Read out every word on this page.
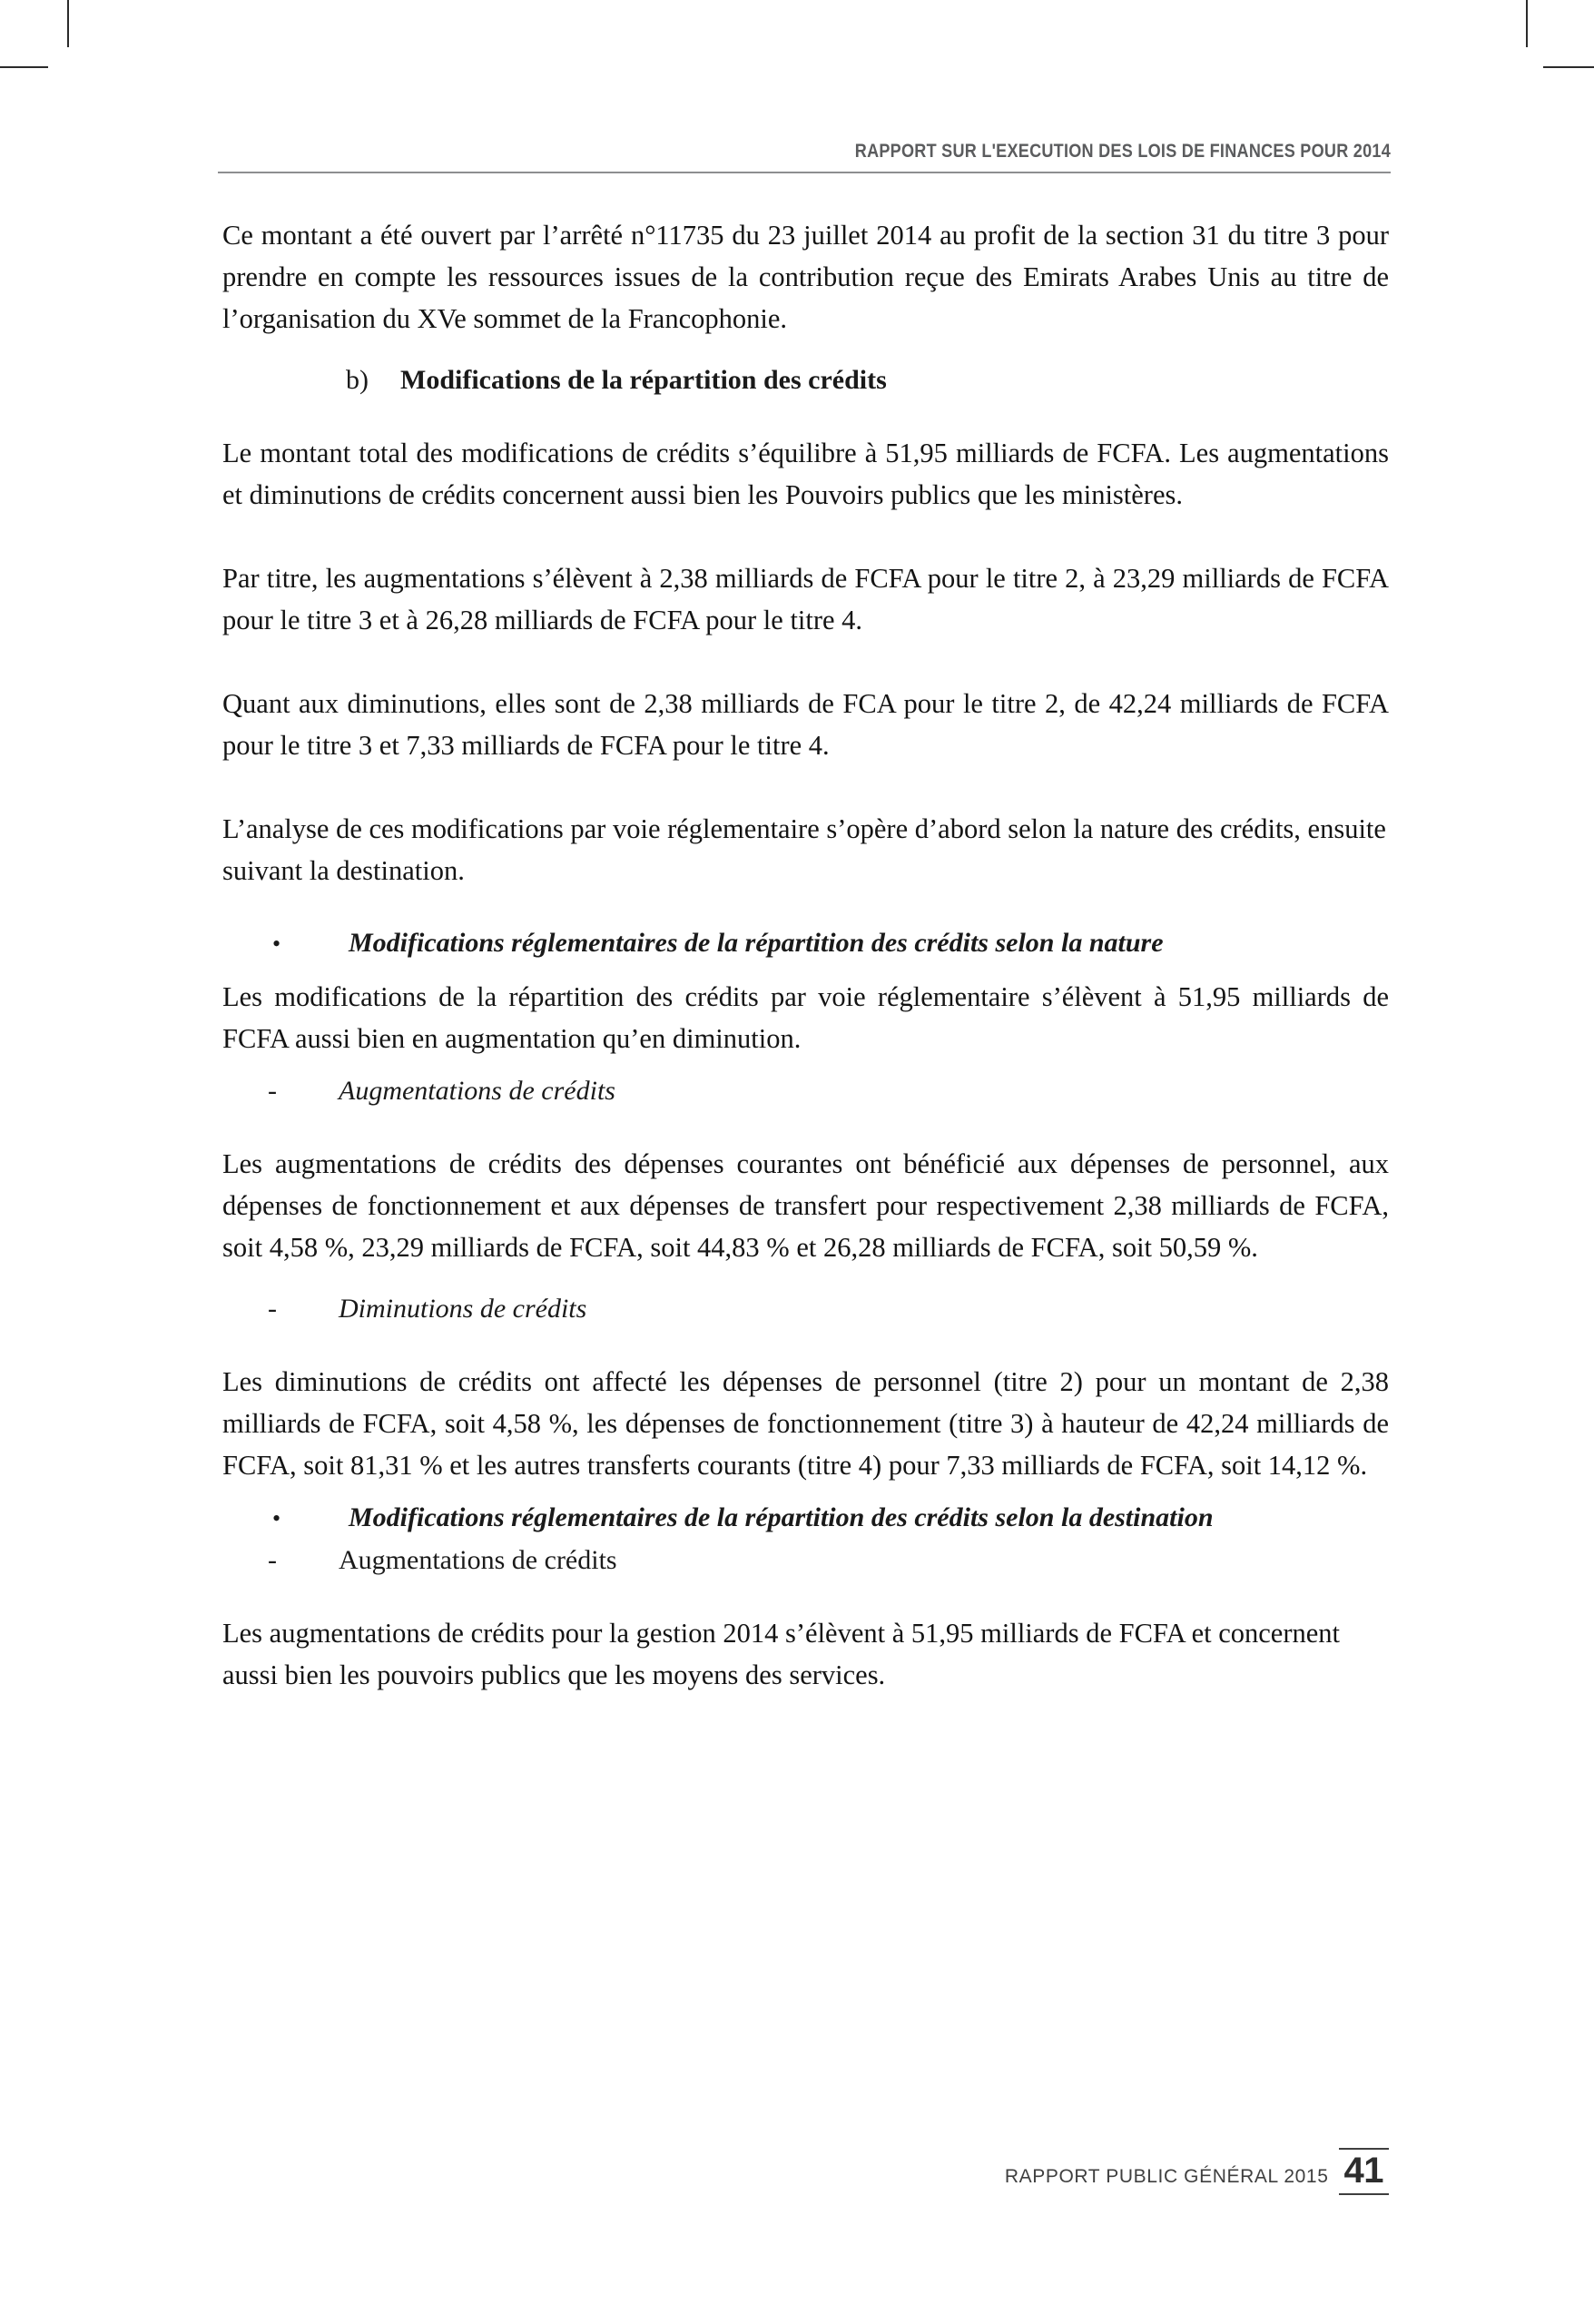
RAPPORT SUR L'EXECUTION DES LOIS DE FINANCES POUR 2014

Ce montant a été ouvert par l’arrêté n°11735 du 23 juillet 2014 au profit de la section 31 du titre 3 pour prendre en compte les ressources issues de la contribution reçue des Emirats Arabes Unis au titre de l’organisation du XVe sommet de la Francophonie.

b)	Modifications de la répartition des crédits

Le montant total des modifications de crédits s’équilibre à 51,95 milliards de FCFA. Les augmentations et diminutions de crédits concernent aussi bien les Pouvoirs publics que les ministères.

Par titre, les augmentations s’élèvent à 2,38 milliards de FCFA pour le titre 2, à 23,29 milliards de FCFA pour le titre 3 et à 26,28 milliards de FCFA pour le titre 4.

Quant aux diminutions, elles sont de 2,38 milliards de FCA pour le titre 2, de 42,24 milliards de FCFA pour le titre 3 et 7,33 milliards de FCFA pour le titre 4.

L’analyse de ces modifications par voie réglementaire s’opère d’abord selon la nature des crédits, ensuite suivant la destination.

•	Modifications réglementaires de la répartition des crédits selon la nature

Les modifications de la répartition des crédits par voie réglementaire s’élèvent à 51,95 milliards de FCFA aussi bien en augmentation qu’en diminution.

-	Augmentations de crédits

Les augmentations de crédits des dépenses courantes ont bénéficié aux dépenses de personnel, aux dépenses de fonctionnement et aux dépenses de transfert pour respectivement 2,38 milliards de FCFA, soit 4,58 %, 23,29 milliards de FCFA, soit 44,83 % et 26,28 milliards de FCFA, soit 50,59 %.

-	Diminutions de crédits

Les diminutions de crédits ont affecté les dépenses de personnel (titre 2) pour un montant de 2,38 milliards de FCFA, soit 4,58 %, les dépenses de fonctionnement (titre 3) à hauteur de 42,24 milliards de FCFA, soit 81,31 % et les autres transferts courants (titre 4) pour 7,33 milliards de FCFA, soit 14,12 %.

•	Modifications réglementaires de la répartition des crédits selon la destination
-	Augmentations de crédits

Les augmentations de crédits pour la gestion 2014 s’élèvent à 51,95 milliards de FCFA et concernent aussi bien les pouvoirs publics que les moyens des services.

RAPPORT PUBLIC GÉNÉRAL 2015 41
